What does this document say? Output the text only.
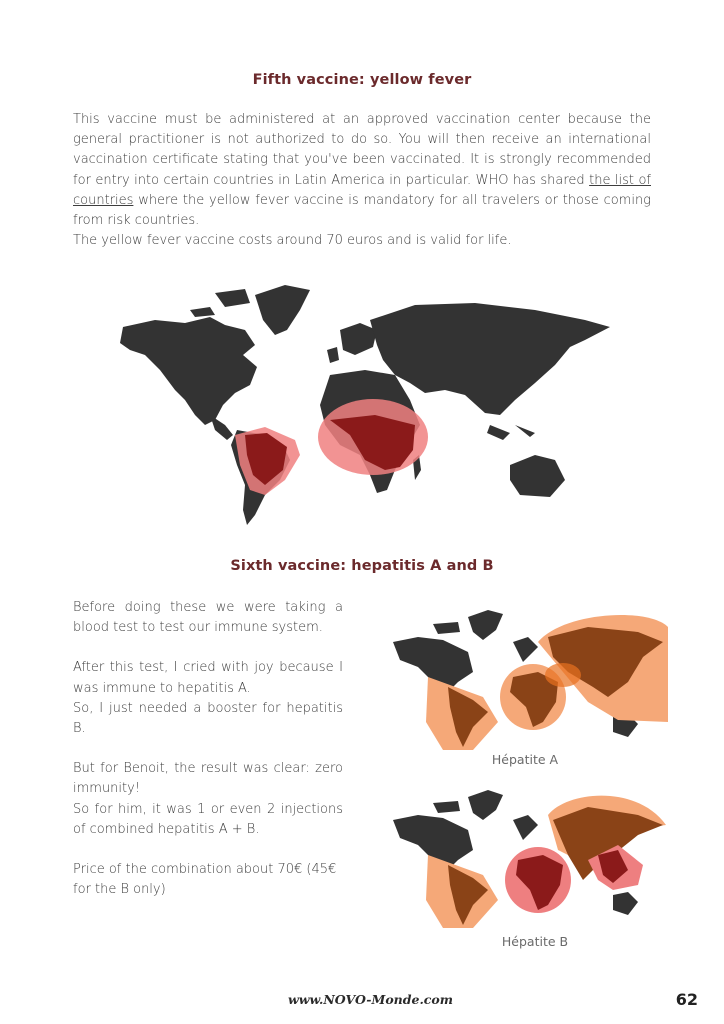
Fifth vaccine: yellow fever

This vaccine must be administered at an approved vaccination center because the general practitioner is not authorized to do so. You will then receive an international vaccination certificate stating that you've been vaccinated. It is strongly recommended for entry into certain countries in Latin America in particular. WHO has shared the list of countries where the yellow fever vaccine is mandatory for all travelers or those coming from risk countries.

The yellow fever vaccine costs around 70 euros and is valid for life.

Sixth vaccine: hepatitis A and B

Before doing these we were taking a blood test to test our immune system.

After this test, I cried with joy because I was immune to hepatitis A.

So, I just needed a booster for hepatitis B.

But for Benoit, the result was clear: zero immunity!

So for him, it was 1 or even 2 injections of combined hepatitis A + B.

Price of the combination about 70€ (45€ for the B only)

Hépatite A
Hépatite B
www.NOVO-Monde.com	62
